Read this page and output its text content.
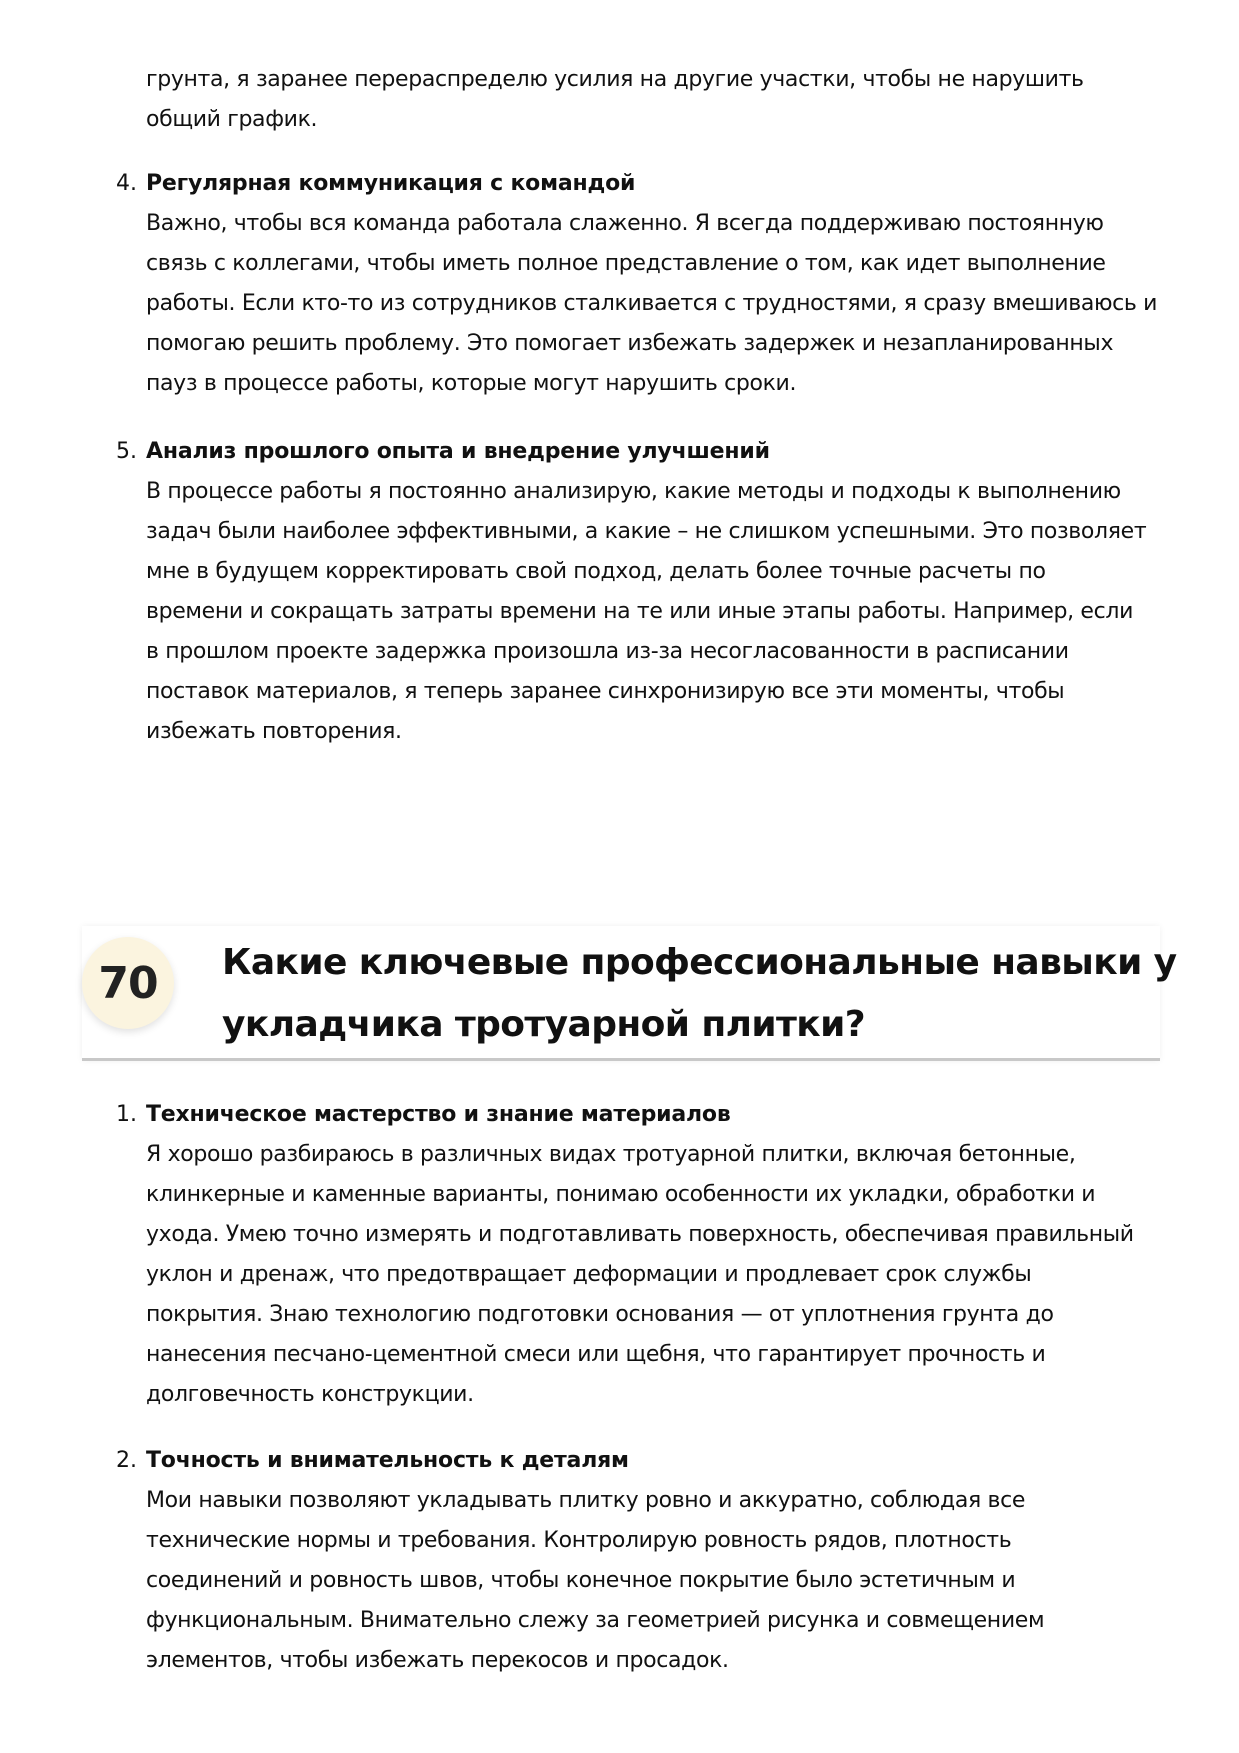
грунта, я заранее перераспределю усилия на другие участки, чтобы не нарушить
общий график.
4. Регулярная коммуникация с командой
Важно, чтобы вся команда работала слаженно. Я всегда поддерживаю постоянную
связь с коллегами, чтобы иметь полное представление о том, как идет выполнение
работы. Если кто-то из сотрудников сталкивается с трудностями, я сразу вмешиваюсь и
помогаю решить проблему. Это помогает избежать задержек и незапланированных
пауз в процессе работы, которые могут нарушить сроки.
5. Анализ прошлого опыта и внедрение улучшений
В процессе работы я постоянно анализирую, какие методы и подходы к выполнению
задач были наиболее эффективными, а какие – не слишком успешными. Это позволяет
мне в будущем корректировать свой подход, делать более точные расчеты по
времени и сокращать затраты времени на те или иные этапы работы. Например, если
в прошлом проекте задержка произошла из-за несогласованности в расписании
поставок материалов, я теперь заранее синхронизирую все эти моменты, чтобы
избежать повторения.
70	Какие ключевые профессиональные навыки у
укладчика тротуарной плитки?
1. Техническое мастерство и знание материалов
Я хорошо разбираюсь в различных видах тротуарной плитки, включая бетонные,
клинкерные и каменные варианты, понимаю особенности их укладки, обработки и
ухода. Умею точно измерять и подготавливать поверхность, обеспечивая правильный
уклон и дренаж, что предотвращает деформации и продлевает срок службы
покрытия. Знаю технологию подготовки основания — от уплотнения грунта до
нанесения песчано-цементной смеси или щебня, что гарантирует прочность и
долговечность конструкции.
2. Точность и внимательность к деталям
Мои навыки позволяют укладывать плитку ровно и аккуратно, соблюдая все
технические нормы и требования. Контролирую ровность рядов, плотность
соединений и ровность швов, чтобы конечное покрытие было эстетичным и
функциональным. Внимательно слежу за геометрией рисунка и совмещением
элементов, чтобы избежать перекосов и просадок.
